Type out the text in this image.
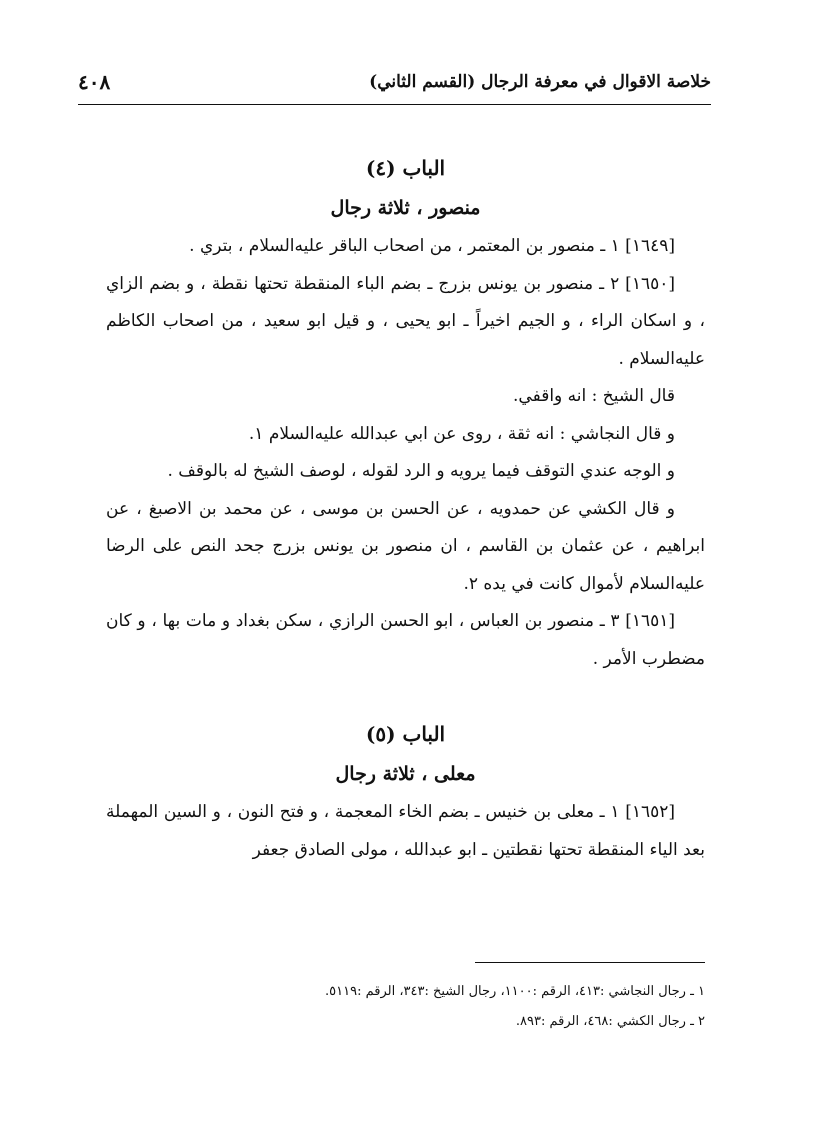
خلاصة الاقوال في معرفة الرجال (القسم الثاني)
٤٠٨

الباب (٤)

منصور ، ثلاثة رجال

[١٦٤٩] ١ ـ منصور بن المعتمر ، من اصحاب الباقر عليه‌السلام ، بتري .

[١٦٥٠] ٢ ـ منصور بن يونس بزرج ـ بضم الباء المنقطة تحتها نقطة ، و بضم الزاي ، و اسكان الراء ، و الجيم اخيراً ـ ابو يحيى ، و قيل ابو سعيد ، من اصحاب الكاظم عليه‌السلام .

قال الشيخ : انه واقفي.

و قال النجاشي : انه ثقة ، روى عن ابي عبدالله عليه‌السلام ١.

و الوجه عندي التوقف فيما يرويه و الرد لقوله ، لوصف الشيخ له بالوقف .

و قال الكشي عن حمدويه ، عن الحسن بن موسى ، عن محمد بن الاصبغ ، عن ابراهيم ، عن عثمان بن القاسم ، ان منصور بن يونس بزرج جحد النص على الرضا عليه‌السلام لأموال كانت في يده ٢.

[١٦٥١] ٣ ـ منصور بن العباس ، ابو الحسن الرازي ، سكن بغداد و مات بها ، و كان مضطرب الأمر .

الباب (٥)

معلى ، ثلاثة رجال

[١٦٥٢] ١ ـ معلى بن خنيس ـ بضم الخاء المعجمة ، و فتح النون ، و السين المهملة بعد الياء المنقطة تحتها نقطتين ـ ابو عبدالله ، مولى الصادق جعفر

١ ـ رجال النجاشي :٤١٣، الرقم :١١٠٠، رجال الشيخ :٣٤٣، الرقم :٥١١٩.

٢ ـ رجال الكشي :٤٦٨، الرقم :٨٩٣.
